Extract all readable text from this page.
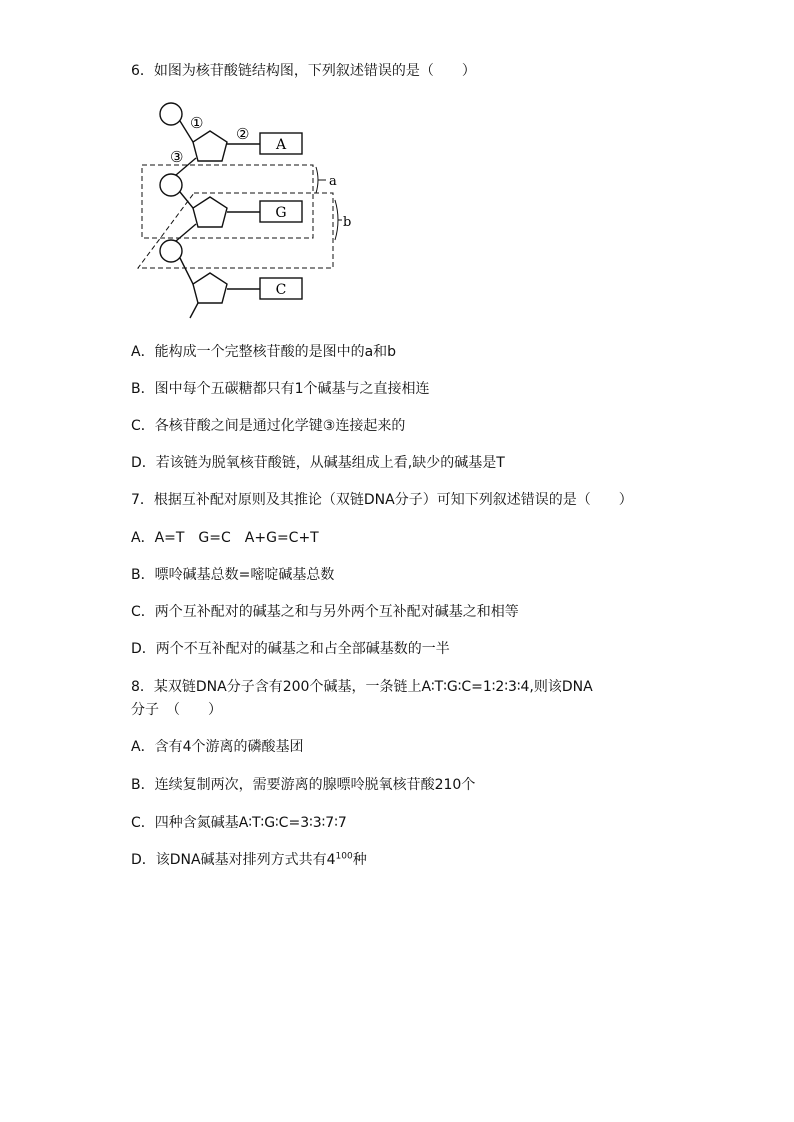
6．如图为核苷酸链结构图，下列叙述错误的是（　　）
A
G
C
①
②
③
a
b
A．能构成一个完整核苷酸的是图中的a和b
B．图中每个五碳糖都只有1个碱基与之直接相连
C．各核苷酸之间是通过化学键③连接起来的
D．若该链为脱氧核苷酸链，从碱基组成上看,缺少的碱基是T
7．根据互补配对原则及其推论（双链DNA分子）可知下列叙述错误的是（　　）
A．A=T　G=C　A+G=C+T
B．嘌呤碱基总数=嘧啶碱基总数
C．两个互补配对的碱基之和与另外两个互补配对碱基之和相等
D．两个不互补配对的碱基之和占全部碱基数的一半
8．某双链DNA分子含有200个碱基，一条链上A∶T∶G∶C=1∶2∶3∶4,则该DNA
分子　（　　）
A．含有4个游离的磷酸基团
B．连续复制两次，需要游离的腺嘌呤脱氧核苷酸210个
C．四种含氮碱基A∶T∶G∶C=3∶3∶7∶7
D．该DNA碱基对排列方式共有$4^{100}$种
